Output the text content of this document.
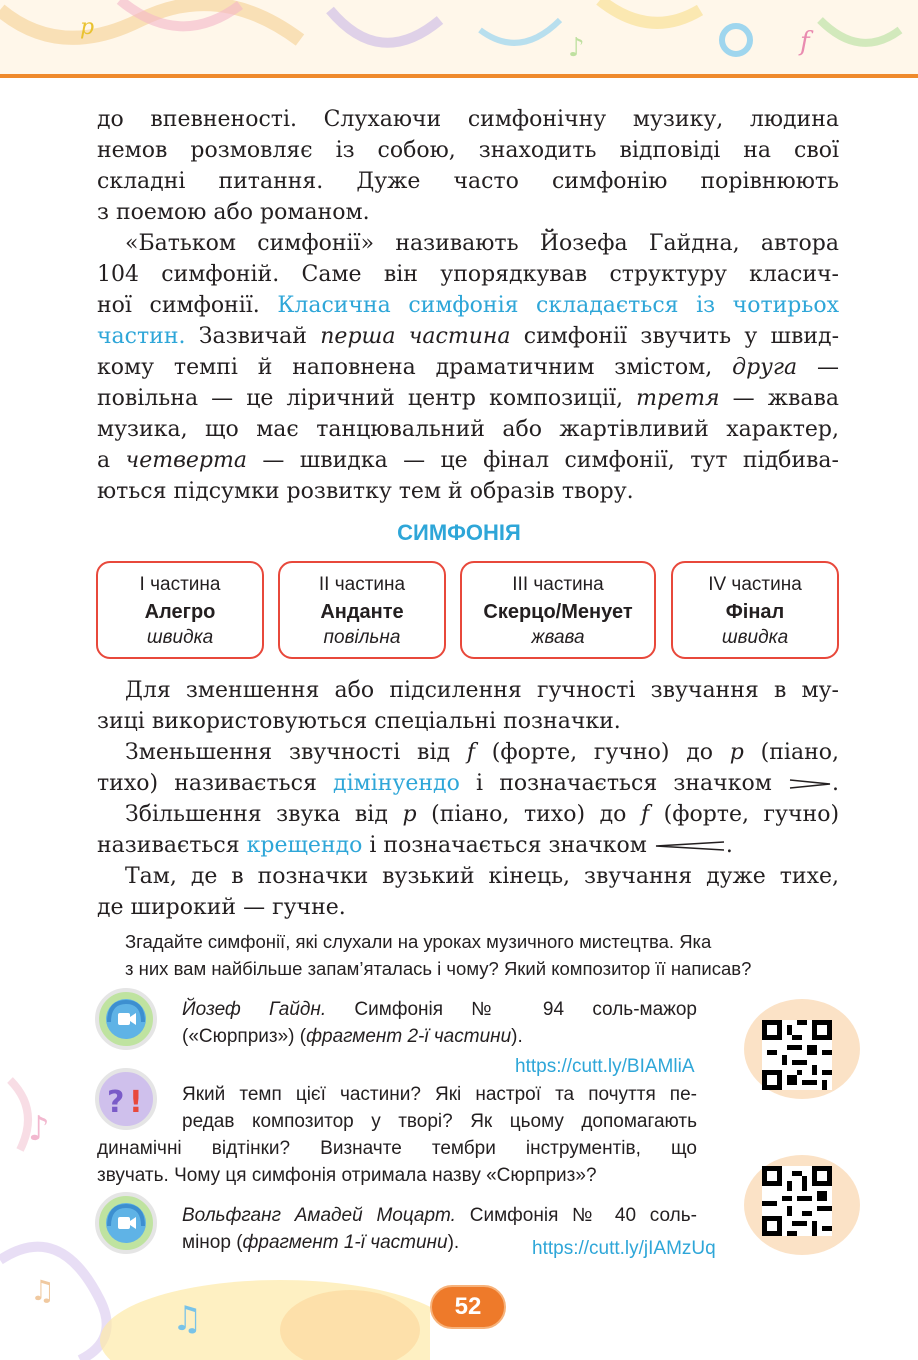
p	f
♪
до впевненості. Слухаючи симфонічну музику, людина
немов розмовляє із собою, знаходить відповіді на свої
складні питання. Дуже часто симфонію порівнюють
з поемою або романом.
«Батьком симфонії» називають Йозефа Гайдна, автора
104 симфоній. Саме він упорядкував структуру класич-
ної симфонії. Класична симфонія складається із чотирьох
частин. Зазвичай перша частина симфонії звучить у швид-
кому темпі й наповнена драматичним змістом, друга —
повільна — це ліричний центр композиції, третя — жвава
музика, що має танцювальний або жартівливий характер,
а четверта — швидка — це фінал симфонії, тут підбива-
ються підсумки розвитку тем й образів твору.
СИМФОНІЯ
І частина
Алегро
швидка
ІІ частина
Анданте
повільна
ІІІ частина
Скерцо/Менует
жвава
IV частина
Фінал
швидка
Для зменшення або підсилення гучності звучання в му-
зиці використовуються спеціальні позначки.
Зменьшення звучності від f (форте, гучно) до p (піано,
тихо) називається дімінуендо і позначається значком	.
Збільшення звука від p (піано, тихо) до f (форте, гучно)
називається крещендо і позначається значком	.
Там, де в позначки вузький кінець, звучання дуже тихе,
де широкий — гучне.
Згадайте симфонії, які слухали на уроках музичного мистецтва. Яка
з них вам найбільше запам’яталась і чому? Який композитор її написав?
♪
♫
♫
Йозеф Гайдн. Симфонія № 94 соль-мажор
(«Сюрприз») (фрагмент 2-ї частини).
https://cutt.ly/BIAMliA
? !	Який темп цієї частини? Які настрої та почуття пе-
редав композитор у творі? Як цьому допомагають
динамічні відтінки? Визначте тембри інструментів, що
звучать. Чому ця симфонія отримала назву «Сюрприз»?
Вольфганг Амадей Моцарт. Симфонія № 40 соль-
мінор (фрагмент 1-ї частини).	https://cutt.ly/jIAMzUq
52
